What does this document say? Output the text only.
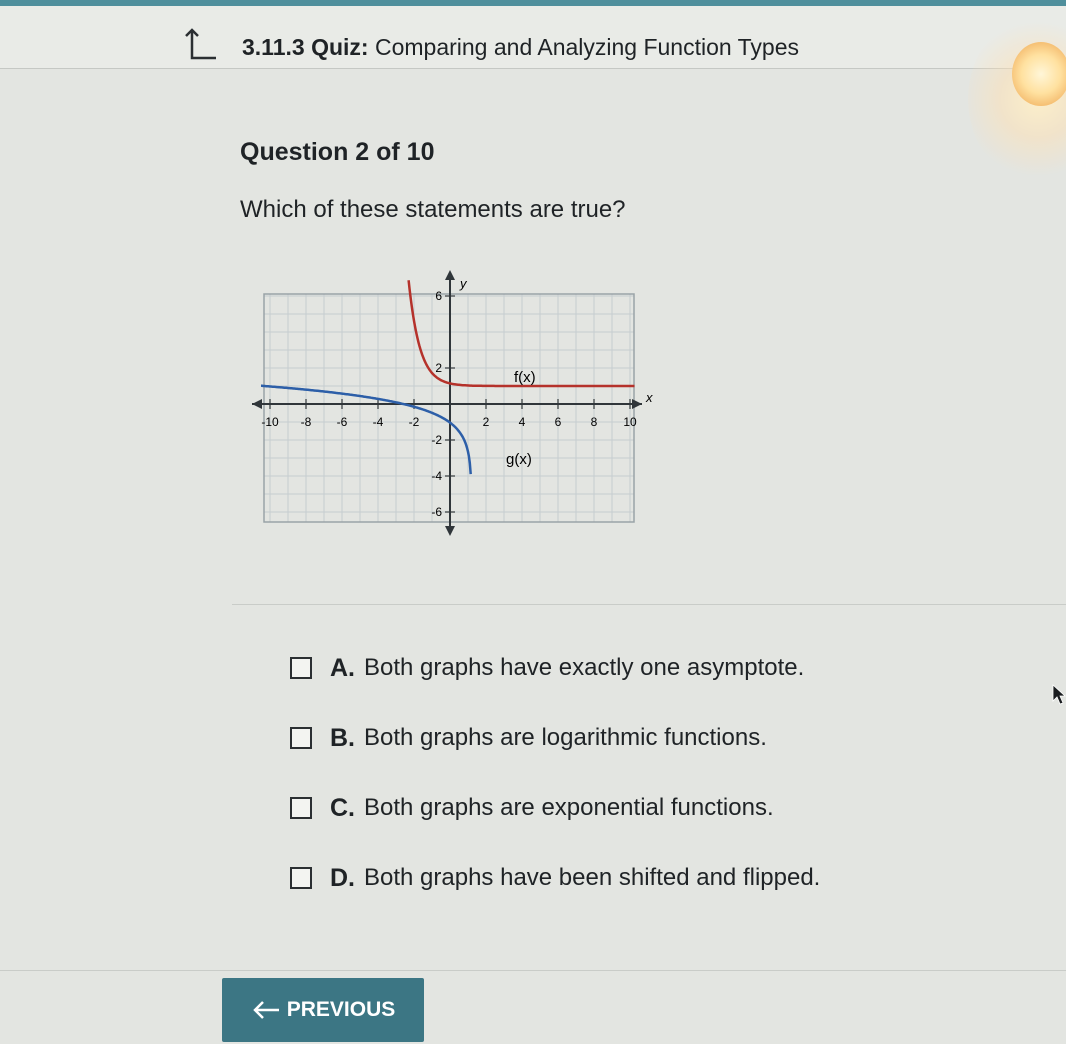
3.11.3 Quiz: Comparing and Analyzing Function Types
Question 2 of 10
Which of these statements are true?
y
x
-10 -8 -6 -4 -2	2 4 6 8 10
6
2
-2
-4
-6
f(x)
g(x)
A. Both graphs have exactly one asymptote.
B. Both graphs are logarithmic functions.
C. Both graphs are exponential functions.
D. Both graphs have been shifted and flipped.
PREVIOUS
